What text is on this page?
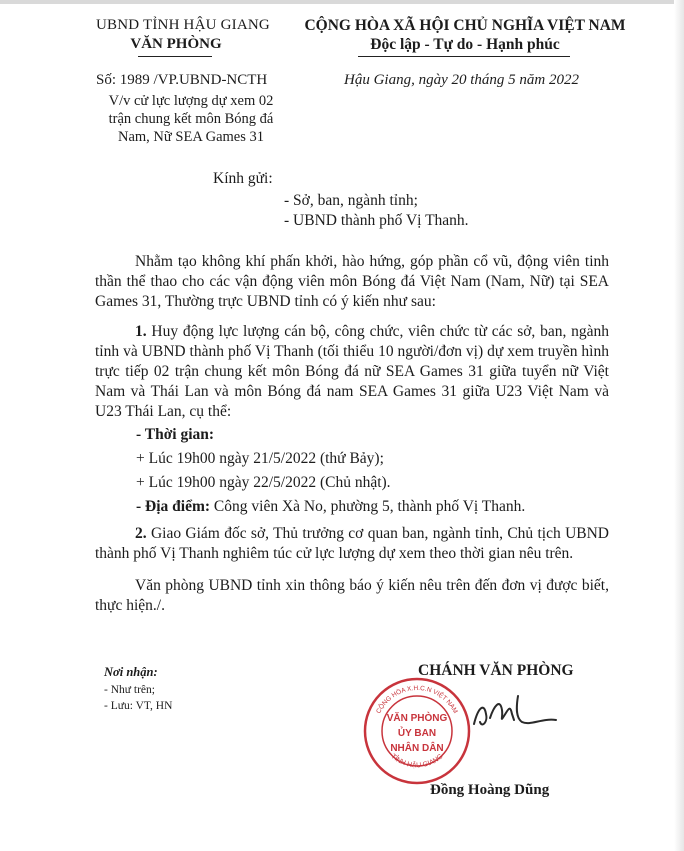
UBND TỈNH HẬU GIANG
VĂN PHÒNG
CỘNG HÒA XÃ HỘI CHỦ NGHĨA VIỆT NAM
Độc lập - Tự do - Hạnh phúc
Số: 1989 /VP.UBND-NCTH	Hậu Giang, ngày 20 tháng 5 năm 2022
V/v cử lực lượng dự xem 02 trận chung kết môn Bóng đá Nam, Nữ SEA Games 31
Kính gửi:
- Sở, ban, ngành tỉnh;
- UBND thành phố Vị Thanh.
Nhằm tạo không khí phấn khởi, hào hứng, góp phần cổ vũ, động viên tinh thần thể thao cho các vận động viên môn Bóng đá Việt Nam (Nam, Nữ) tại SEA Games 31, Thường trực UBND tỉnh có ý kiến như sau:
1. Huy động lực lượng cán bộ, công chức, viên chức từ các sở, ban, ngành tỉnh và UBND thành phố Vị Thanh (tối thiểu 10 người/đơn vị) dự xem truyền hình trực tiếp 02 trận chung kết môn Bóng đá nữ SEA Games 31 giữa tuyển nữ Việt Nam và Thái Lan và môn Bóng đá nam SEA Games 31 giữa U23 Việt Nam và U23 Thái Lan, cụ thể:
- Thời gian:
+ Lúc 19h00 ngày 21/5/2022 (thứ Bảy);
+ Lúc 19h00 ngày 22/5/2022 (Chủ nhật).
- Địa điểm: Công viên Xà No, phường 5, thành phố Vị Thanh.
2. Giao Giám đốc sở, Thủ trưởng cơ quan ban, ngành tỉnh, Chủ tịch UBND thành phố Vị Thanh nghiêm túc cử lực lượng dự xem theo thời gian nêu trên.
Văn phòng UBND tỉnh xin thông báo ý kiến nêu trên đến đơn vị được biết, thực hiện./.
Nơi nhận:
- Như trên;
- Lưu: VT, HN
CHÁNH VĂN PHÒNG
CỘNG HÒA X.H.C.N VIỆT NAM
TỈNH HẬU GIANG
VĂN PHÒNG
ỦY BAN
NHÂN DÂN
Đồng Hoàng Dũng
